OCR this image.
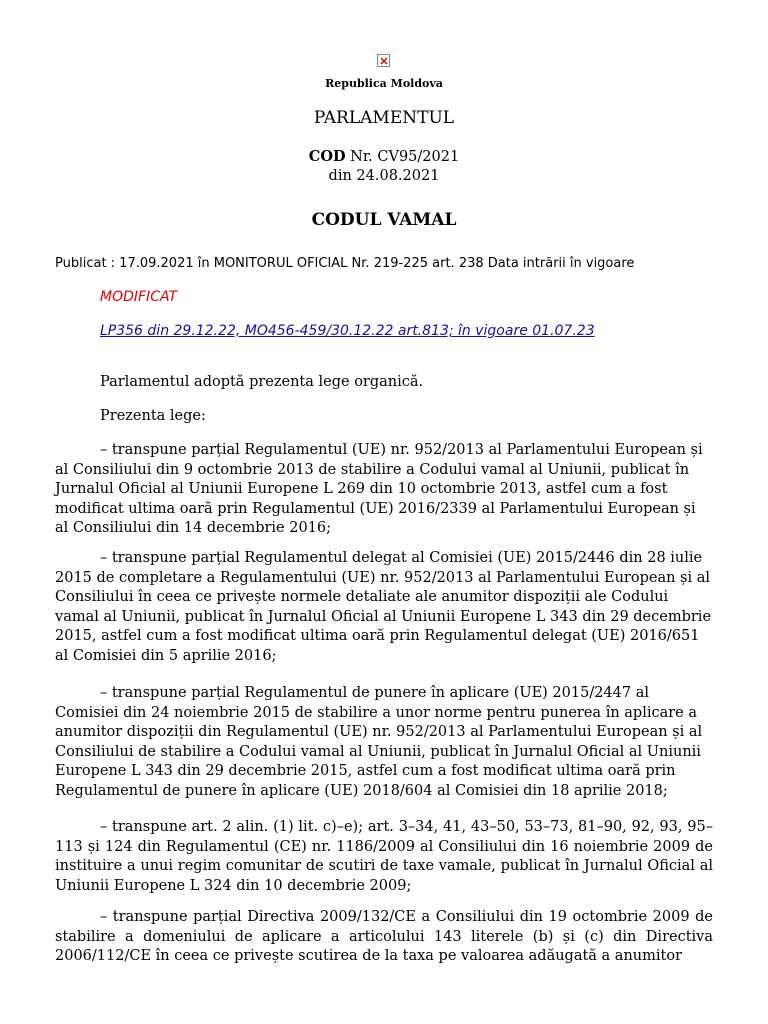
Republica Moldova
PARLAMENTUL
COD Nr. CV95/2021
din 24.08.2021
CODUL VAMAL
Publicat : 17.09.2021 în MONITORUL OFICIAL Nr. 219-225 art. 238 Data intrării în vigoare
MODIFICAT
LP356 din 29.12.22, MO456-459/30.12.22 art.813; în vigoare 01.07.23
Parlamentul adoptă prezenta lege organică.
Prezenta lege:
– transpune parțial Regulamentul (UE) nr. 952/2013 al Parlamentului European și al Consiliului din 9 octombrie 2013 de stabilire a Codului vamal al Uniunii, publicat în Jurnalul Oficial al Uniunii Europene L 269 din 10 octombrie 2013, astfel cum a fost modificat ultima oară prin Regulamentul (UE) 2016/2339 al Parlamentului European și al Consiliului din 14 decembrie 2016;
– transpune parțial Regulamentul delegat al Comisiei (UE) 2015/2446 din 28 iulie 2015 de completare a Regulamentului (UE) nr. 952/2013 al Parlamentului European și al Consiliului în ceea ce privește normele detaliate ale anumitor dispoziții ale Codului vamal al Uniunii, publicat în Jurnalul Oficial al Uniunii Europene L 343 din 29 decembrie 2015, astfel cum a fost modificat ultima oară prin Regulamentul delegat (UE) 2016/651 al Comisiei din 5 aprilie 2016;
– transpune parțial Regulamentul de punere în aplicare (UE) 2015/2447 al Comisiei din 24 noiembrie 2015 de stabilire a unor norme pentru punerea în aplicare a anumitor dispoziții din Regulamentul (UE) nr. 952/2013 al Parlamentului European și al Consiliului de stabilire a Codului vamal al Uniunii, publicat în Jurnalul Oficial al Uniunii Europene L 343 din 29 decembrie 2015, astfel cum a fost modificat ultima oară prin Regulamentul de punere în aplicare (UE) 2018/604 al Comisiei din 18 aprilie 2018;
– transpune art. 2 alin. (1) lit. c)–e); art. 3–34, 41, 43–50, 53–73, 81–90, 92, 93, 95–113 și 124 din Regulamentul (CE) nr. 1186/2009 al Consiliului din 16 noiembrie 2009 de instituire a unui regim comunitar de scutiri de taxe vamale, publicat în Jurnalul Oficial al Uniunii Europene L 324 din 10 decembrie 2009;
– transpune parțial Directiva 2009/132/CE a Consiliului din 19 octombrie 2009 de stabilire a domeniului de aplicare a articolului 143 literele (b) și (c) din Directiva 2006/112/CE în ceea ce privește scutirea de la taxa pe valoarea adăugată a anumitor
